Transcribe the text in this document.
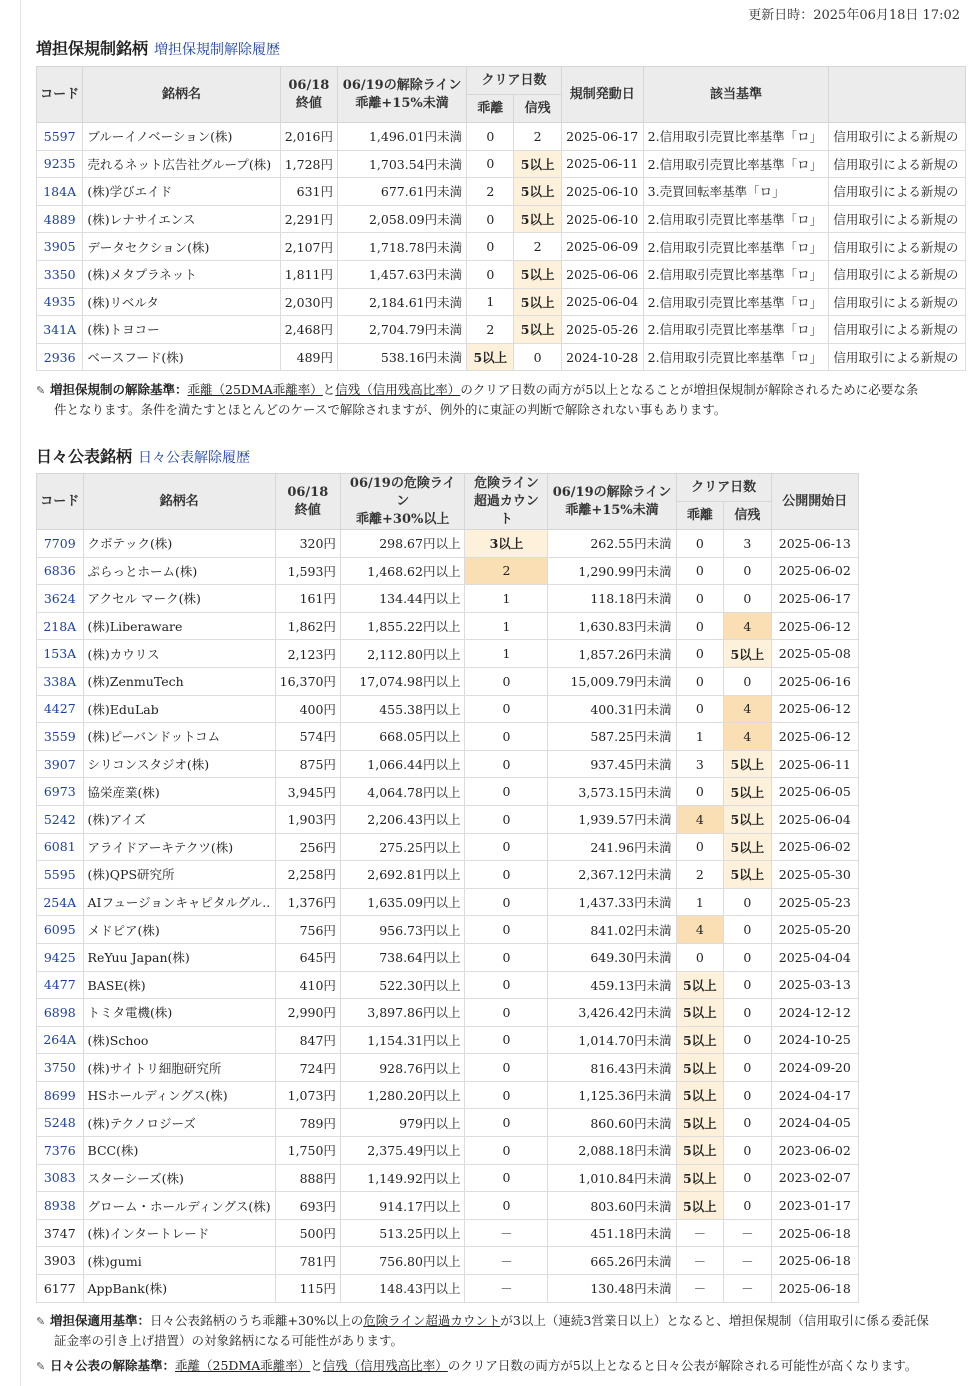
更新日時：2025年06月18日 17:02
増担保規制銘柄 増担保規制解除履歴
コード	銘柄名	06/18
終値	06/19の解除ライン
乖離+15%未満	クリア日数		規制発動日	該当基準	
				乖離	信残			
5597	ブルーイノベーション(株)	2,016円	1,496.01円未満	0	2	2025-06-17	2.信用取引売買比率基準「ロ」	信用取引による新規の
9235	売れるネット広告社グループ(株)	1,728円	1,703.54円未満	0	5以上	2025-06-11	2.信用取引売買比率基準「ロ」	信用取引による新規の
184A	(株)学びエイド	631円	677.61円未満	2	5以上	2025-06-10	3.売買回転率基準「ロ」	信用取引による新規の
4889	(株)レナサイエンス	2,291円	2,058.09円未満	0	5以上	2025-06-10	2.信用取引売買比率基準「ロ」	信用取引による新規の
3905	データセクション(株)	2,107円	1,718.78円未満	0	2	2025-06-09	2.信用取引売買比率基準「ロ」	信用取引による新規の
3350	(株)メタプラネット	1,811円	1,457.63円未満	0	5以上	2025-06-06	2.信用取引売買比率基準「ロ」	信用取引による新規の
4935	(株)リベルタ	2,030円	2,184.61円未満	1	5以上	2025-06-04	2.信用取引売買比率基準「ロ」	信用取引による新規の
341A	(株)トヨコー	2,468円	2,704.79円未満	2	5以上	2025-05-26	2.信用取引売買比率基準「ロ」	信用取引による新規の
2936	ベースフード(株)	489円	538.16円未満	5以上	0	2024-10-28	2.信用取引売買比率基準「ロ」	信用取引による新規の
✎ 増担保規制の解除基準：乖離（25DMA乖離率）と信残（信用残高比率）のクリア日数の両方が5以上となることが増担保規制が解除されるために必要な条
件となります。条件を満たすとほとんどのケースで解除されますが、例外的に東証の判断で解除されない事もあります。
日々公表銘柄 日々公表解除履歴
コード	銘柄名	06/18
終値	06/19の危険ライン
乖離+30%以上	危険ライン
超過カウント	06/19の解除ライン
乖離+15%未満	クリア日数		公開開始日
						乖離	信残	
7709	クボテック(株)	320円	298.67円以上	3以上	262.55円未満	0	3	2025-06-13
6836	ぷらっとホーム(株)	1,593円	1,468.62円以上	2	1,290.99円未満	0	0	2025-06-02
3624	アクセル マーク(株)	161円	134.44円以上	1	118.18円未満	0	0	2025-06-17
218A	(株)Liberaware	1,862円	1,855.22円以上	1	1,630.83円未満	0	4	2025-06-12
153A	(株)カウリス	2,123円	2,112.80円以上	1	1,857.26円未満	0	5以上	2025-05-08
338A	(株)ZenmuTech	16,370円	17,074.98円以上	0	15,009.79円未満	0	0	2025-06-16
4427	(株)EduLab	400円	455.38円以上	0	400.31円未満	0	4	2025-06-12
3559	(株)ピーバンドットコム	574円	668.05円以上	0	587.25円未満	1	4	2025-06-12
3907	シリコンスタジオ(株)	875円	1,066.44円以上	0	937.45円未満	3	5以上	2025-06-11
6973	協栄産業(株)	3,945円	4,064.78円以上	0	3,573.15円未満	0	5以上	2025-06-05
5242	(株)アイズ	1,903円	2,206.43円以上	0	1,939.57円未満	4	5以上	2025-06-04
6081	アライドアーキテクツ(株)	256円	275.25円以上	0	241.96円未満	0	5以上	2025-06-02
5595	(株)QPS研究所	2,258円	2,692.81円以上	0	2,367.12円未満	2	5以上	2025-05-30
254A	AIフュージョンキャピタルグル..	1,376円	1,635.09円以上	0	1,437.33円未満	1	0	2025-05-23
6095	メドピア(株)	756円	956.73円以上	0	841.02円未満	4	0	2025-05-20
9425	ReYuu Japan(株)	645円	738.64円以上	0	649.30円未満	0	0	2025-04-04
4477	BASE(株)	410円	522.30円以上	0	459.13円未満	5以上	0	2025-03-13
6898	トミタ電機(株)	2,990円	3,897.86円以上	0	3,426.42円未満	5以上	0	2024-12-12
264A	(株)Schoo	847円	1,154.31円以上	0	1,014.70円未満	5以上	0	2024-10-25
3750	(株)サイトリ細胞研究所	724円	928.76円以上	0	816.43円未満	5以上	0	2024-09-20
8699	HSホールディングス(株)	1,073円	1,280.20円以上	0	1,125.36円未満	5以上	0	2024-04-17
5248	(株)テクノロジーズ	789円	979円以上	0	860.60円未満	5以上	0	2024-04-05
7376	BCC(株)	1,750円	2,375.49円以上	0	2,088.18円未満	5以上	0	2023-06-02
3083	スターシーズ(株)	888円	1,149.92円以上	0	1,010.84円未満	5以上	0	2023-02-07
8938	グローム・ホールディングス(株)	693円	914.17円以上	0	803.60円未満	5以上	0	2023-01-17
3747	(株)インタートレード	500円	513.25円以上	－	451.18円未満	－	－	2025-06-18
3903	(株)gumi	781円	756.80円以上	－	665.26円未満	－	－	2025-06-18
6177	AppBank(株)	115円	148.43円以上	－	130.48円未満	－	－	2025-06-18
✎ 増担保適用基準：日々公表銘柄のうち乖離+30%以上の危険ライン超過カウントが3以上（連続3営業日以上）となると、増担保規制（信用取引に係る委託保
証金率の引き上げ措置）の対象銘柄になる可能性があります。
✎ 日々公表の解除基準：乖離（25DMA乖離率）と信残（信用残高比率）のクリア日数の両方が5以上となると日々公表が解除される可能性が高くなります。
